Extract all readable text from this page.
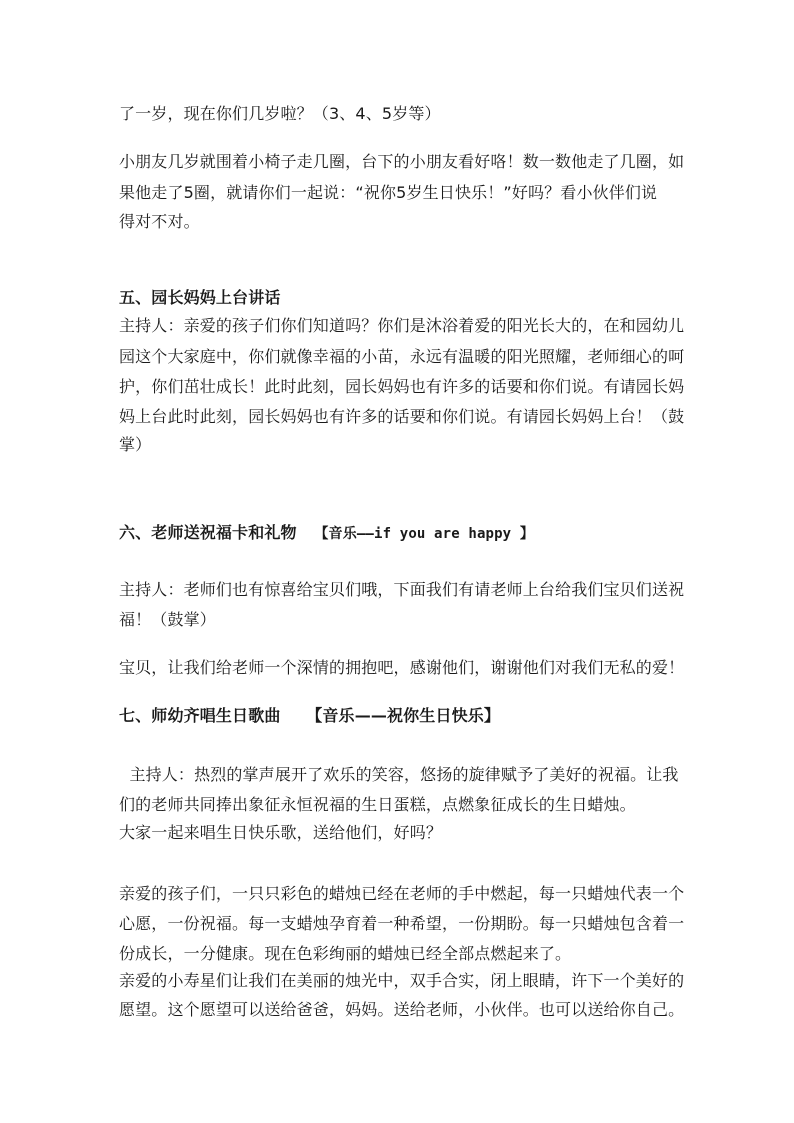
了一岁，现在你们几岁啦？（3、4、5岁等）
小朋友几岁就围着小椅子走几圈，台下的小朋友看好咯！数一数他走了几圈，如
果他走了5圈，就请你们一起说：“祝你5岁生日快乐！”好吗？看小伙伴们说
得对不对。
五、园长妈妈上台讲话
主持人：亲爱的孩子们你们知道吗？你们是沐浴着爱的阳光长大的，在和园幼儿
园这个大家庭中，你们就像幸福的小苗，永远有温暖的阳光照耀，老师细心的呵
护，你们茁壮成长！此时此刻，园长妈妈也有许多的话要和你们说。有请园长妈
妈上台此时此刻，园长妈妈也有许多的话要和你们说。有请园长妈妈上台！（鼓
掌）
六、老师送祝福卡和礼物 【音乐——if you are happy 】
主持人：老师们也有惊喜给宝贝们哦，下面我们有请老师上台给我们宝贝们送祝
福！（鼓掌）
宝贝，让我们给老师一个深情的拥抱吧，感谢他们，谢谢他们对我们无私的爱！
七、师幼齐唱生日歌曲 【音乐——祝你生日快乐】
主持人：热烈的掌声展开了欢乐的笑容，悠扬的旋律赋予了美好的祝福。让我
们的老师共同捧出象征永恒祝福的生日蛋糕，点燃象征成长的生日蜡烛。
大家一起来唱生日快乐歌，送给他们，好吗？
亲爱的孩子们，一只只彩色的蜡烛已经在老师的手中燃起，每一只蜡烛代表一个
心愿，一份祝福。每一支蜡烛孕育着一种希望，一份期盼。每一只蜡烛包含着一
份成长，一分健康。现在色彩绚丽的蜡烛已经全部点燃起来了。
亲爱的小寿星们让我们在美丽的烛光中，双手合实，闭上眼睛，许下一个美好的
愿望。这个愿望可以送给爸爸，妈妈。送给老师，小伙伴。也可以送给你自己。
